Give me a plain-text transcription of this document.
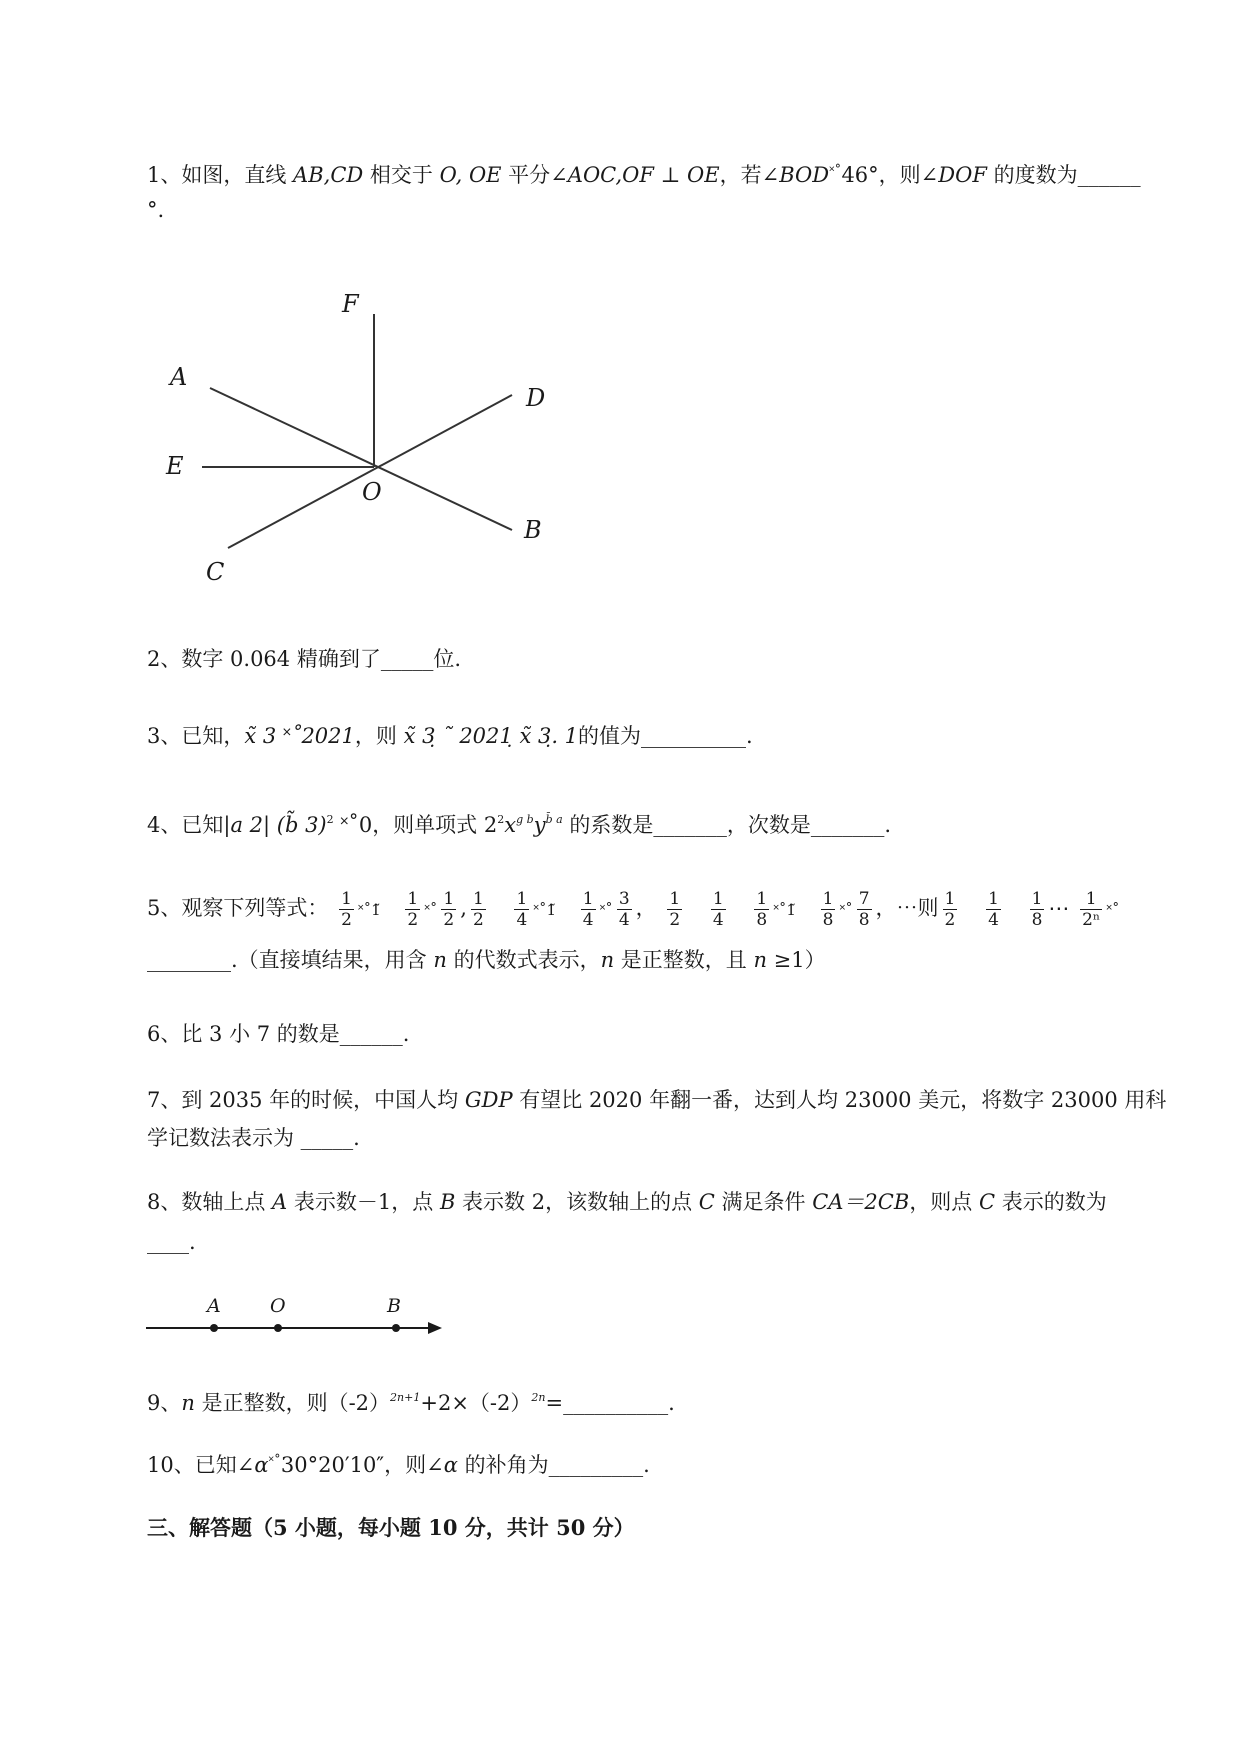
1、如图，直线 AB,CD 相交于 O, OE 平分∠AOC,OF ⊥ OE，若∠BOD˟˚46°，则∠DOF 的度数为______
°.
F
A
D
E
O
B
C
2、数字 0.064 精确到了_____位.
3、已知，x̃ 3 ˟˚2021，则 x̃ 3̣ ˜ 2021̣ x̃ 3̣. 1的值为__________.
4、已知|a 2| (b̃ 3)$^2$ ˟˚0，则单项式 $2^2x^{g b}y^{b̄ a}$ 的系数是_______，次数是_______.
5、观察下列等式： $\frac{1}{2}$ ˟˚1̃ $\frac{1}{2}$ ˟˚ $\frac{1}{2}$ , $\frac{1}{2}$
$\frac{1}{4}$ ˟˚1̃ $\frac{1}{4}$ ˟˚ $\frac{3}{4}$ ， $\frac{1}{2}$
$\frac{1}{4}$
$\frac{1}{8}$ ˟˚1̃ $\frac{1}{8}$ ˟˚ $\frac{7}{8}$ ，⋯则 $\frac{1}{2}$
$\frac{1}{4}$
$\frac{1}{8}$ ⋯ $\frac{1}{\text{2ⁿ}}$ ˟˚
________.（直接填结果，用含 n 的代数式表示，n 是正整数，且 n ≥1）
6、比 3 小 7 的数是______.
7、到 2035 年的时候，中国人均 GDP 有望比 2020 年翻一番，达到人均 23000 美元，将数字 23000 用科
学记数法表示为 _____.
8、数轴上点 A 表示数－1，点 B 表示数 2，该数轴上的点 C 满足条件 CA＝2CB，则点 C 表示的数为
____.
A	O	B
9、n 是正整数，则$(-2)^{2n+1}+2\times(-2)^{2n}=\_\_\_\_\_\_\_\_\_\_$.
10、已知∠α˟˚30°20′10″，则∠α 的补角为_________.
三、解答题（5 小题，每小题 10 分，共计 50 分）
